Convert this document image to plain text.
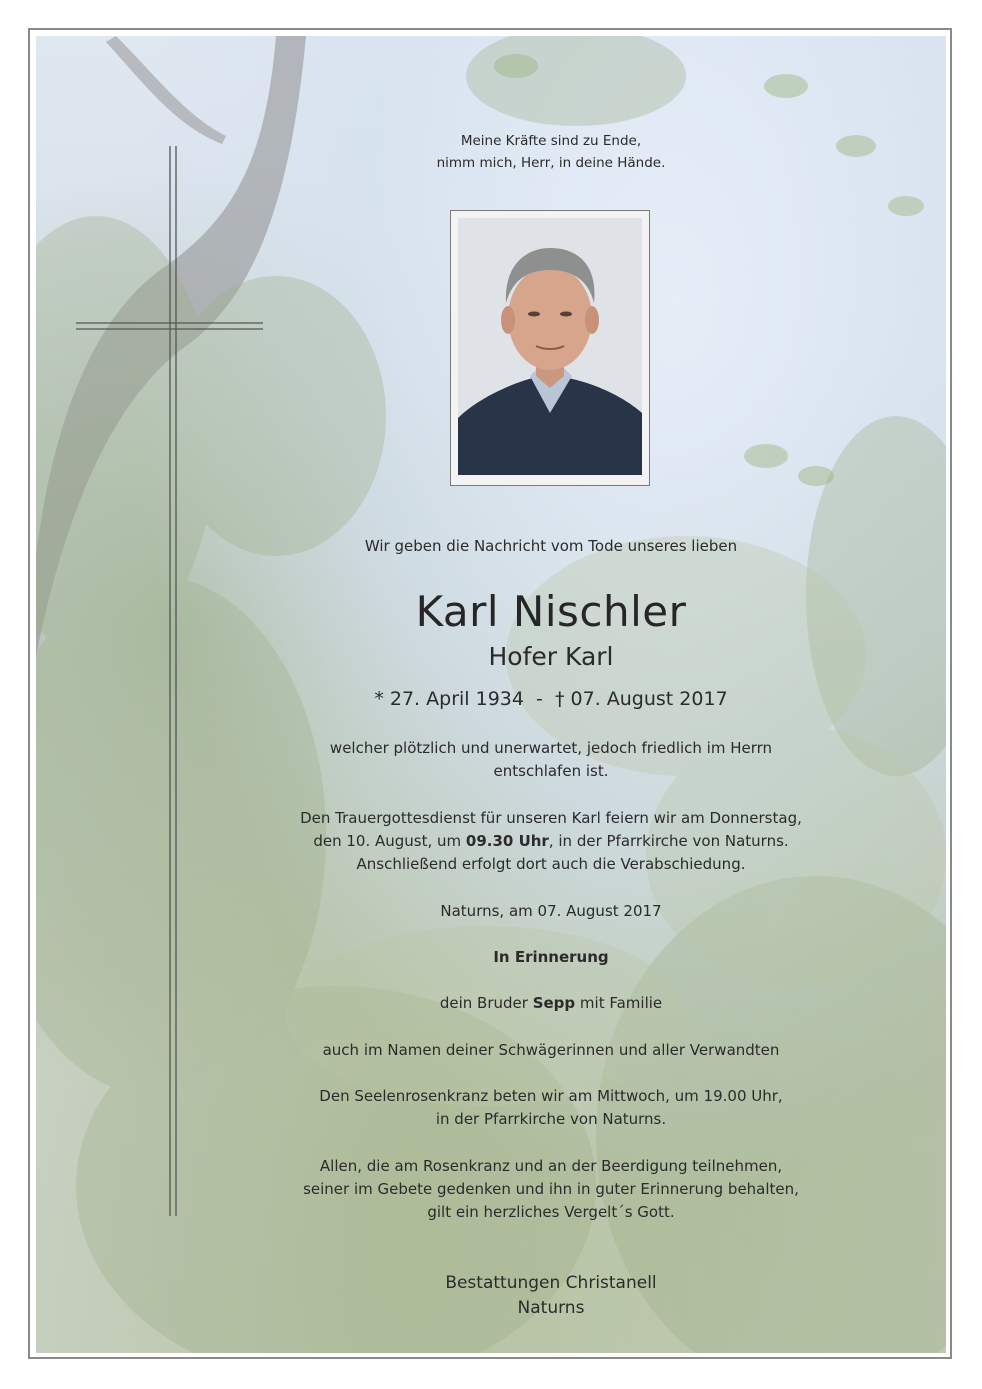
Meine Kräfte sind zu Ende,
nimm mich, Herr, in deine Hände.
Wir geben die Nachricht vom Tode unseres lieben
Karl Nischler
Hofer Karl
* 27. April 1934  -  † 07. August 2017
welcher plötzlich und unerwartet, jedoch friedlich im Herrn
entschlafen ist.
Den Trauergottesdienst für unseren Karl feiern wir am Donnerstag,
den 10. August, um 09.30 Uhr, in der Pfarrkirche von Naturns.
Anschließend erfolgt dort auch die Verabschiedung.
Naturns, am 07. August 2017
In Erinnerung
dein Bruder Sepp mit Familie
auch im Namen deiner Schwägerinnen und aller Verwandten
Den Seelenrosenkranz beten wir am Mittwoch, um 19.00 Uhr,
in der Pfarrkirche von Naturns.
Allen, die am Rosenkranz und an der Beerdigung teilnehmen,
seiner im Gebete gedenken und ihn in guter Erinnerung behalten,
gilt ein herzliches Vergelt´s Gott.
Bestattungen Christanell
Naturns
